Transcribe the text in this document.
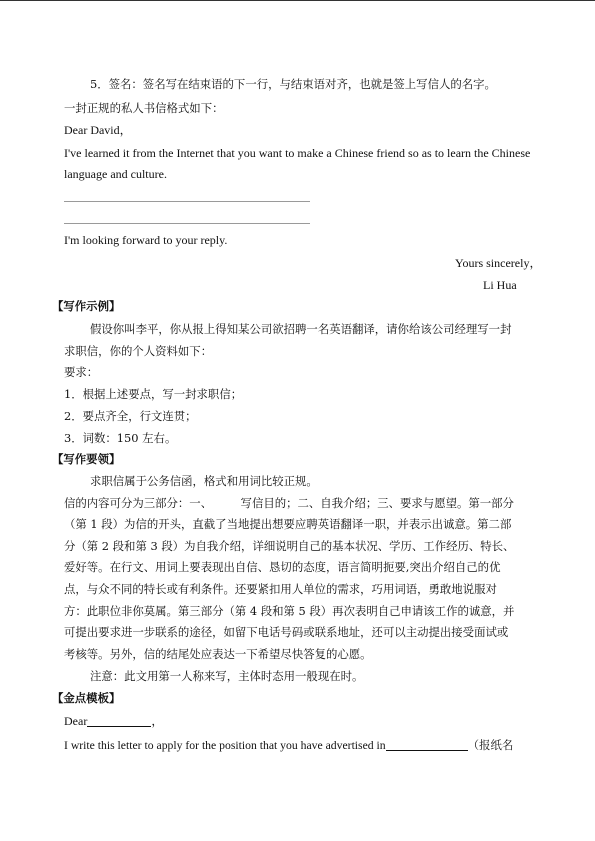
5．签名：签名写在结束语的下一行，与结束语对齐，也就是签上写信人的名字。
一封正规的私人书信格式如下：
Dear David，
I've learned it from the Internet that you want to make a Chinese friend so as to learn the Chinese
language and culture.
I'm looking forward to your reply.
Yours sincerely，
Li Hua
【写作示例】
假设你叫李平，你从报上得知某公司欲招聘一名英语翻译，请你给该公司经理写一封
求职信，你的个人资料如下：
要求：
1．根据上述要点，写一封求职信；
2．要点齐全，行文连贯；
3．词数：150 左右。
【写作要领】
求职信属于公务信函，格式和用词比较正规。
信的内容可分为三部分：一、　　　写信目的；二、自我介绍；三、要求与愿望。第一部分
（第 1 段）为信的开头，直截了当地提出想要应聘英语翻译一职，并表示出诚意。第二部
分（第 2 段和第 3 段）为自我介绍，详细说明自己的基本状况、学历、工作经历、特长、
爱好等。在行文、用词上要表现出自信、恳切的态度，语言简明扼要,突出介绍自己的优
点，与众不同的特长或有利条件。还要紧扣用人单位的需求，巧用词语，勇敢地说服对
方：此职位非你莫属。第三部分（第 4 段和第 5 段）再次表明自己申请该工作的诚意，并
可提出要求进一步联系的途径，如留下电话号码或联系地址，还可以主动提出接受面试或
考核等。另外，信的结尾处应表达一下希望尽快答复的心愿。
注意：此文用第一人称来写，主体时态用一般现在时。
【金点模板】
Dear	，
I write this letter to apply for the position that you have advertised in	（报纸名
